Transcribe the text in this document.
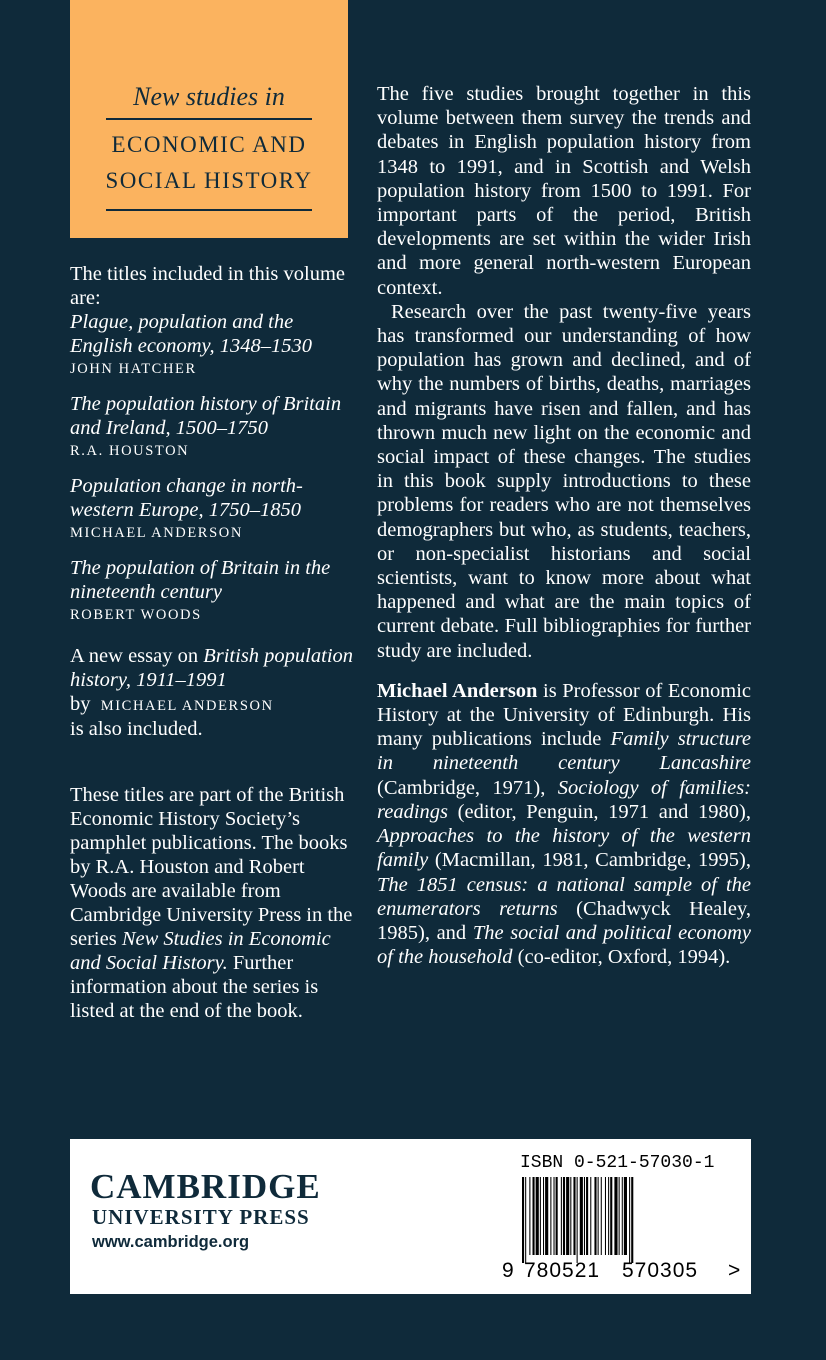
New studies in
ECONOMIC AND
SOCIAL HISTORY

The titles included in this volume are:

Plague, population and the English economy, 1348–1530

JOHN HATCHER

The population history of Britain and Ireland, 1500–1750

R.A. HOUSTON

Population change in north-western Europe, 1750–1850

MICHAEL ANDERSON

The population of Britain in the nineteenth century

ROBERT WOODS

A new essay on British population history, 1911–1991
by MICHAEL ANDERSON
is also included.

These titles are part of the British Economic History Society’s pamphlet publications. The books by R.A. Houston and Robert Woods are available from Cambridge University Press in the series New Studies in Economic and Social History. Further information about the series is listed at the end of the book.

The five studies brought together in this volume between them survey the trends and debates in English population history from 1348 to 1991, and in Scottish and Welsh population history from 1500 to 1991. For important parts of the period, British developments are set within the wider Irish and more general north-western European context.

Research over the past twenty-five years has transformed our understanding of how population has grown and declined, and of why the numbers of births, deaths, marriages and migrants have risen and fallen, and has thrown much new light on the economic and social impact of these changes. The studies in this book supply introductions to these problems for readers who are not themselves demographers but who, as students, teachers, or non-specialist historians and social scientists, want to know more about what happened and what are the main topics of current debate. Full bibliographies for further study are included.

Michael Anderson is Professor of Economic History at the University of Edinburgh. His many publications include Family structure in nineteenth century Lancashire (Cambridge, 1971), Sociology of families: readings (editor, Penguin, 1971 and 1980), Approaches to the history of the western family (Macmillan, 1981, Cambridge, 1995), The 1851 census: a national sample of the enumerators returns (Chadwyck Healey, 1985), and The social and political economy of the household (co-editor, Oxford, 1994).

CAMBRIDGE
UNIVERSITY PRESS
www.cambridge.org
ISBN 0-521-57030-1
9 780521 570305 >
